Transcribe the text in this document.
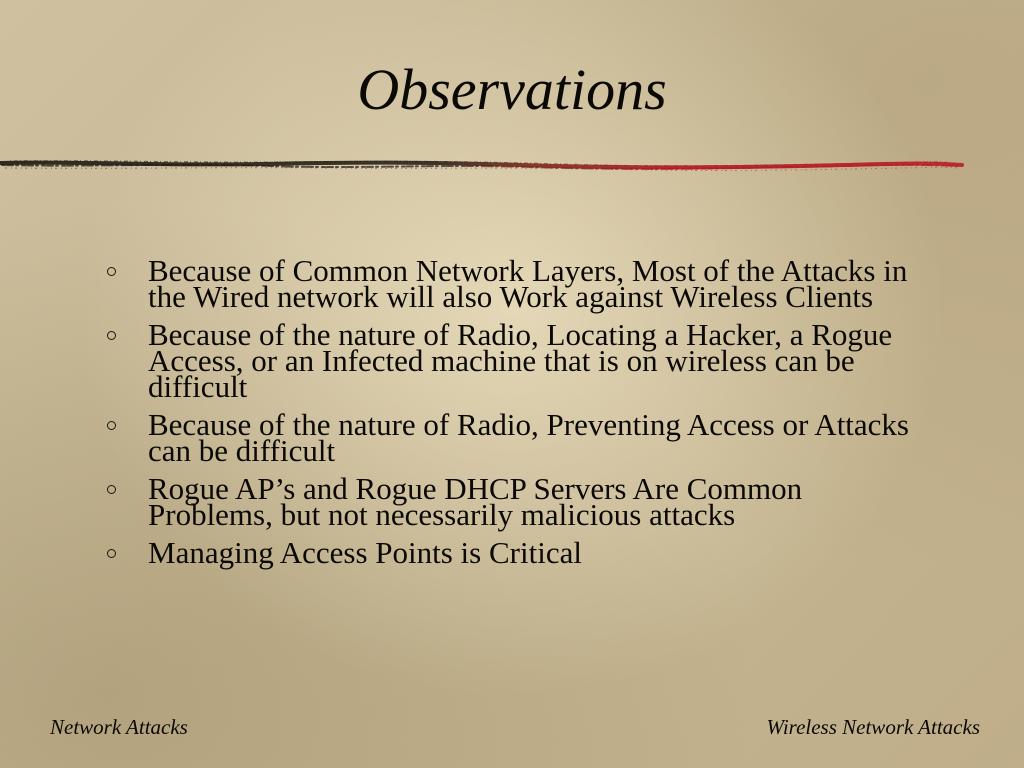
Observations
Because of Common Network Layers, Most of the Attacks in the Wired network will also Work against Wireless Clients
Because of the nature of Radio, Locating a Hacker, a Rogue Access, or an Infected machine that is on wireless can be difficult
Because of the nature of Radio, Preventing Access or Attacks can be difficult
Rogue AP’s and Rogue DHCP Servers Are Common Problems, but not necessarily malicious attacks
Managing Access Points is Critical
Network Attacks	Wireless Network Attacks
